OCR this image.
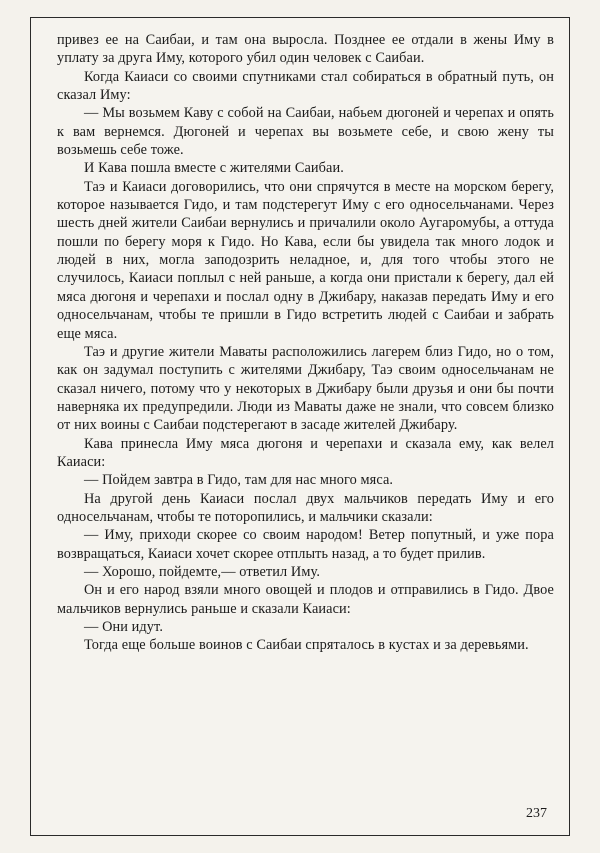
привез ее на Саибаи, и там она выросла. Позднее ее отдали в жены Иму в уплату за друга Иму, которого убил один человек с Саибаи.

Когда Каиаси со своими спутниками стал собираться в обратный путь, он сказал Иму:

— Мы возьмем Каву с собой на Саибаи, набьем дюгоней и черепах и опять к вам вернемся. Дюгоней и черепах вы возьмете себе, и свою жену ты возьмешь себе тоже.

И Кава пошла вместе с жителями Саибаи.

Таэ и Каиаси договорились, что они спрячутся в месте на морском берегу, которое называется Гидо, и там подстерегут Иму с его односельчанами. Через шесть дней жители Саибаи вернулись и причалили около Аугаромубы, а оттуда пошли по берегу моря к Гидо. Но Кава, если бы увидела так много лодок и людей в них, могла заподозрить неладное, и, для того чтобы этого не случилось, Каиаси поплыл с ней раньше, а когда они пристали к берегу, дал ей мяса дюгоня и черепахи и послал одну в Джибару, наказав передать Иму и его односельчанам, чтобы те пришли в Гидо встретить людей с Саибаи и забрать еще мяса.

Таэ и другие жители Маваты расположились лагерем близ Гидо, но о том, как он задумал поступить с жителями Джибару, Таэ своим односельчанам не сказал ничего, потому что у некоторых в Джибару были друзья и они бы почти наверняка их предупредили. Люди из Маваты даже не знали, что совсем близко от них воины с Саибаи подстерегают в засаде жителей Джибару.

Кава принесла Иму мяса дюгоня и черепахи и сказала ему, как велел Каиаси:

— Пойдем завтра в Гидо, там для нас много мяса.

На другой день Каиаси послал двух мальчиков передать Иму и его односельчанам, чтобы те поторопились, и мальчики сказали:

— Иму, приходи скорее со своим народом! Ветер попутный, и уже пора возвращаться, Каиаси хочет скорее отплыть назад, а то будет прилив.

— Хорошо, пойдемте,— ответил Иму.

Он и его народ взяли много овощей и плодов и отправились в Гидо. Двое мальчиков вернулись раньше и сказали Каиаси:

— Они идут.

Тогда еще больше воинов с Саибаи спряталось в кустах и за деревьями.

237
